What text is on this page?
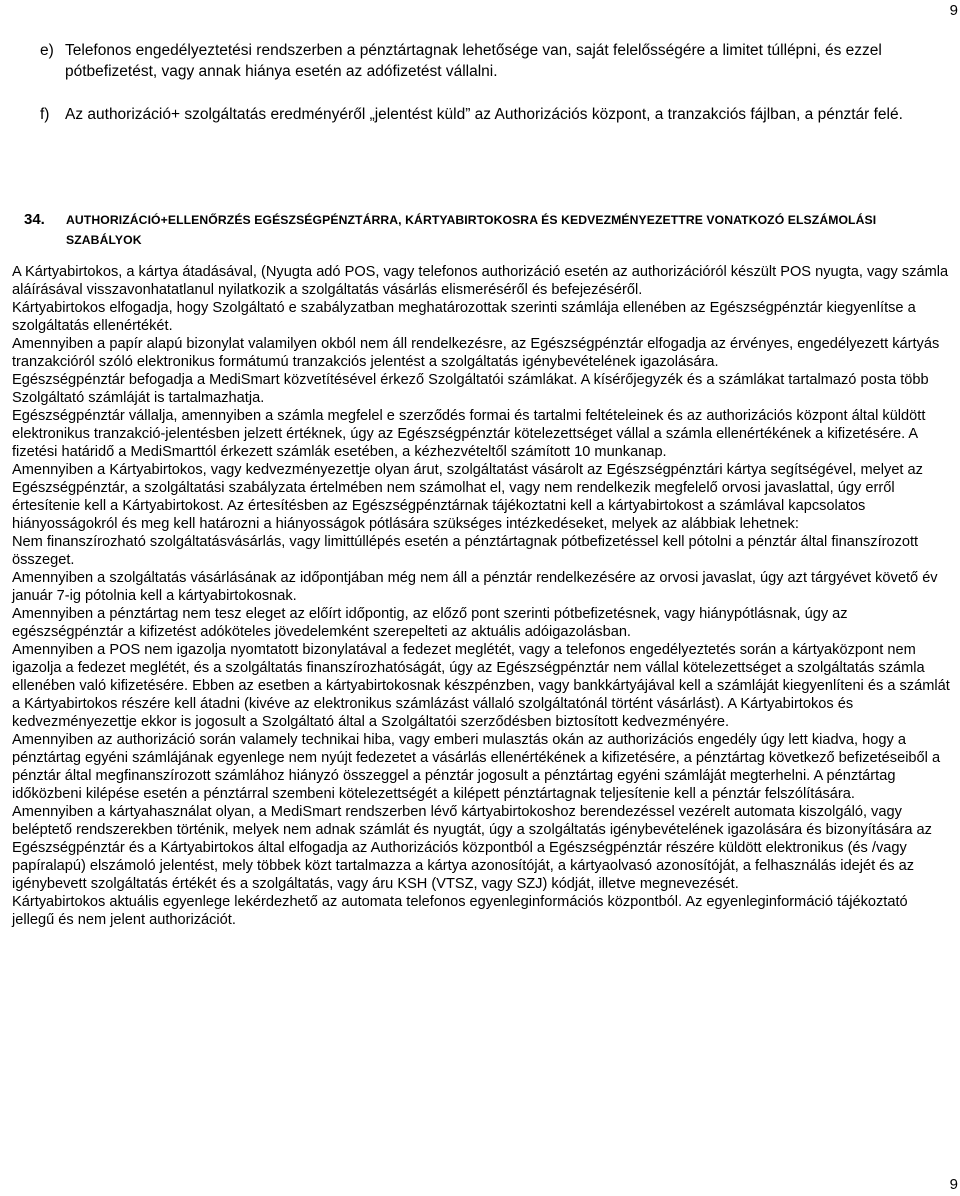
9
e) Telefonos engedélyeztetési rendszerben a pénztártagnak lehetősége van, saját felelősségére a limitet túllépni, és ezzel pótbefizetést, vagy annak hiánya esetén az adófizetést vállalni.
f) Az authorizáció+ szolgáltatás eredményéről „jelentést küld” az Authorizációs központ, a tranzakciós fájlban, a pénztár felé.
34. AUTHORIZÁCIÓ+ELLENŐRZÉS EGÉSZSÉGPÉNZTÁRRA, KÁRTYABIRTOKOSRA ÉS KEDVEZMÉNYEZETTRE VONATKOZÓ ELSZÁMOLÁSI SZABÁLYOK

A Kártyabirtokos, a kártya átadásával, (Nyugta adó POS, vagy telefonos authorizáció esetén az authorizációról készült POS nyugta, vagy számla aláírásával visszavonhatatlanul nyilatkozik a szolgáltatás vásárlás elismeréséről és befejezéséről.

Kártyabirtokos elfogadja, hogy Szolgáltató e szabályzatban meghatározottak szerinti számlája ellenében az Egészségpénztár kiegyenlítse a szolgáltatás ellenértékét.

Amennyiben a papír alapú bizonylat valamilyen okból nem áll rendelkezésre, az Egészségpénztár elfogadja az érvényes, engedélyezett kártyás tranzakcióról szóló elektronikus formátumú tranzakciós jelentést a szolgáltatás igénybevételének igazolására.

Egészségpénztár befogadja a MediSmart közvetítésével érkező Szolgáltatói számlákat. A kísérőjegyzék és a számlákat tartalmazó posta több Szolgáltató számláját is tartalmazhatja.

Egészségpénztár vállalja, amennyiben a számla megfelel e szerződés formai és tartalmi feltételeinek és az authorizációs központ által küldött elektronikus tranzakció-jelentésben jelzett értéknek, úgy az Egészségpénztár kötelezettséget vállal a számla ellenértékének a kifizetésére. A fizetési határidő a MediSmarttól érkezett számlák esetében, a kézhezvételtől számított 10 munkanap.

Amennyiben a Kártyabirtokos, vagy kedvezményezettje olyan árut, szolgáltatást vásárolt az Egészségpénztári kártya segítségével, melyet az Egészségpénztár, a szolgáltatási szabályzata értelmében nem számolhat el, vagy nem rendelkezik megfelelő orvosi javaslattal, úgy erről értesítenie kell a Kártyabirtokost. Az értesítésben az Egészségpénztárnak tájékoztatni kell a kártyabirtokost a számlával kapcsolatos hiányosságokról és meg kell határozni a hiányosságok pótlására szükséges intézkedéseket, melyek az alábbiak lehetnek:

Nem finanszírozható szolgáltatásvásárlás, vagy limittúllépés esetén a pénztártagnak pótbefizetéssel kell pótolni a pénztár által finanszírozott összeget.

Amennyiben a szolgáltatás vásárlásának az időpontjában még nem áll a pénztár rendelkezésére az orvosi javaslat, úgy azt tárgyévet követő év január 7-ig pótolnia kell a kártyabirtokosnak.

Amennyiben a pénztártag nem tesz eleget az előírt időpontig, az előző pont szerinti pótbefizetésnek, vagy hiánypótlásnak, úgy az egészségpénztár a kifizetést adóköteles jövedelemként szerepelteti az aktuális adóigazolásban.

Amennyiben a POS nem igazolja nyomtatott bizonylatával a fedezet meglétét, vagy a telefonos engedélyeztetés során a kártyaközpont nem igazolja a fedezet meglétét, és a szolgáltatás finanszírozhatóságát, úgy az Egészségpénztár nem vállal kötelezettséget a szolgáltatás számla ellenében való kifizetésére. Ebben az esetben a kártyabirtokosnak készpénzben, vagy bankkártyájával kell a számláját kiegyenlíteni és a számlát a Kártyabirtokos részére kell átadni (kivéve az elektronikus számlázást vállaló szolgáltatónál történt vásárlást). A Kártyabirtokos és kedvezményezettje ekkor is jogosult a Szolgáltató által a Szolgáltatói szerződésben biztosított kedvezményére.

Amennyiben az authorizáció során valamely technikai hiba, vagy emberi mulasztás okán az authorizációs engedély úgy lett kiadva, hogy a pénztártag egyéni számlájának egyenlege nem nyújt fedezetet a vásárlás ellenértékének a kifizetésére, a pénztártag következő befizetéseiből a pénztár által megfinanszírozott számlához hiányzó összeggel a pénztár jogosult a pénztártag egyéni számláját megterhelni. A pénztártag időközbeni kilépése esetén a pénztárral szembeni kötelezettségét a kilépett pénztártagnak teljesítenie kell a pénztár felszólítására.

Amennyiben a kártyahasználat olyan, a MediSmart rendszerben lévő kártyabirtokoshoz berendezéssel vezérelt automata kiszolgáló, vagy beléptető rendszerekben történik, melyek nem adnak számlát és nyugtát, úgy a szolgáltatás igénybevételének igazolására és bizonyítására az Egészségpénztár és a Kártyabirtokos által elfogadja az Authorizációs központból a Egészségpénztár részére küldött elektronikus (és /vagy papíralapú) elszámoló jelentést, mely többek közt tartalmazza a kártya azonosítóját, a kártyaolvasó azonosítóját, a felhasználás idejét és az igénybevett szolgáltatás értékét és a szolgáltatás, vagy áru KSH (VTSZ, vagy SZJ) kódját, illetve megnevezését.

Kártyabirtokos aktuális egyenlege lekérdezhető az automata telefonos egyenleginformációs központból. Az egyenleginformáció tájékoztató jellegű és nem jelent authorizációt.

9
